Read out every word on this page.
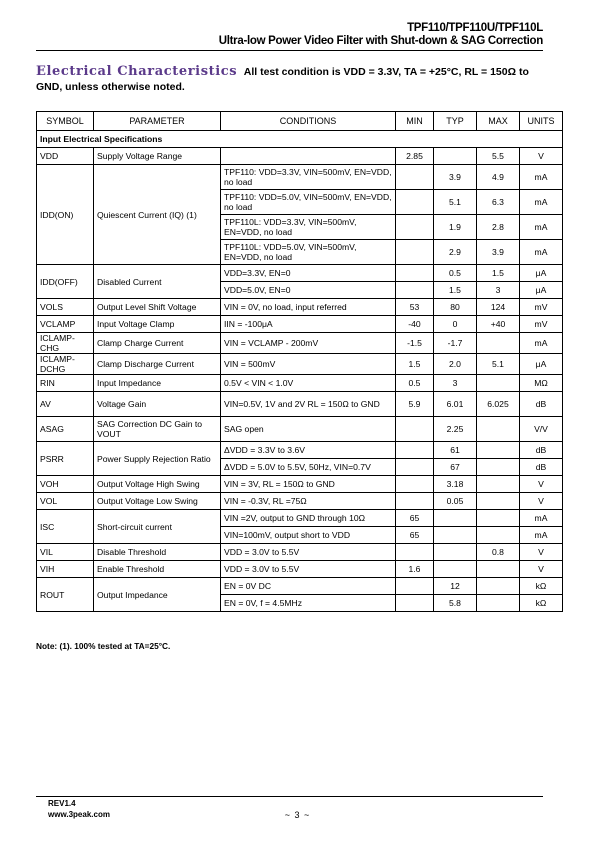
TPF110/TPF110U/TPF110L
Ultra-low Power Video Filter with Shut-down & SAG Correction
Electrical Characteristics All test condition is VDD = 3.3V, TA = +25°C, RL = 150Ω to GND, unless otherwise noted.
SYMBOL	PARAMETER	CONDITIONS	MIN	TYP	MAX	UNITS
Input Electrical Specifications						
VDD	Supply Voltage Range		2.85		5.5	V
IDD(ON)	Quiescent Current (IQ) (1)	TPF110: VDD=3.3V, VIN=500mV, EN=VDD, no load		3.9	4.9	mA
		TPF110: VDD=5.0V, VIN=500mV, EN=VDD, no load		5.1	6.3	mA
		TPF110L: VDD=3.3V, VIN=500mV, EN=VDD, no load		1.9	2.8	mA
		TPF110L: VDD=5.0V, VIN=500mV, EN=VDD, no load		2.9	3.9	mA
IDD(OFF)	Disabled Current	VDD=3.3V, EN=0		0.5	1.5	μA
		VDD=5.0V, EN=0		1.5	3	μA
VOLS	Output Level Shift Voltage	VIN = 0V, no load, input referred	53	80	124	mV
VCLAMP	Input Voltage Clamp	IIN = -100μA	-40	0	+40	mV
ICLAMP-CHG	Clamp Charge Current	VIN = VCLAMP - 200mV	-1.5	-1.7		mA
ICLAMP-DCHG	Clamp Discharge Current	VIN = 500mV	1.5	2.0	5.1	μA
RIN	Input Impedance	0.5V < VIN < 1.0V	0.5	3		MΩ
AV	Voltage Gain	VIN=0.5V, 1V and 2V RL = 150Ω to GND	5.9	6.01	6.025	dB
ASAG	SAG Correction DC Gain to VOUT	SAG open		2.25		V/V
PSRR	Power Supply Rejection Ratio	ΔVDD = 3.3V to 3.6V		61		dB
		ΔVDD = 5.0V to 5.5V, 50Hz, VIN=0.7V		67		dB
VOH	Output Voltage High Swing	VIN = 3V, RL = 150Ω to GND		3.18		V
VOL	Output Voltage Low Swing	VIN = -0.3V, RL =75Ω		0.05		V
ISC	Short-circuit current	VIN =2V, output to GND through 10Ω	65			mA
		VIN=100mV, output short to VDD	65			mA
VIL	Disable Threshold	VDD = 3.0V to 5.5V			0.8	V
VIH	Enable Threshold	VDD = 3.0V to 5.5V	1.6			V
ROUT	Output Impedance	EN = 0V DC		12		kΩ
		EN = 0V, f = 4.5MHz		5.8		kΩ
Note: (1). 100% tested at TA=25°C.
REV1.4
www.3peak.com	~ 3 ~
